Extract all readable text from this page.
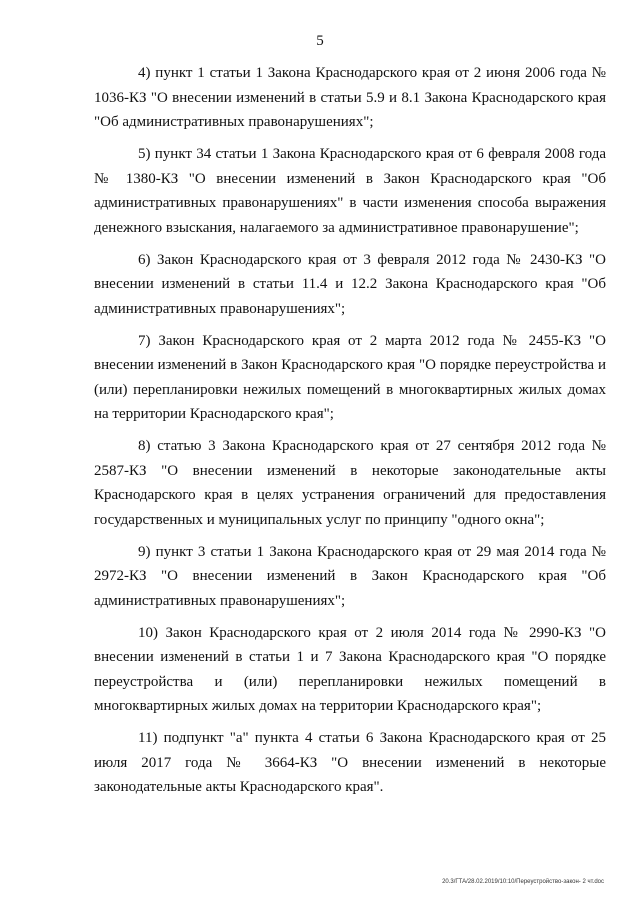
5

4) пункт 1 статьи 1 Закона Краснодарского края от 2 июня 2006 года № 1036-КЗ "О внесении изменений в статьи 5.9 и 8.1 Закона Краснодарского края "Об административных правонарушениях";

5) пункт 34 статьи 1 Закона Краснодарского края от 6 февраля 2008 года № 1380-КЗ "О внесении изменений в Закон Краснодарского края "Об административных правонарушениях" в части изменения способа выражения денежного взыскания, налагаемого за административное правонарушение";

6) Закон Краснодарского края от 3 февраля 2012 года № 2430-КЗ "О внесении изменений в статьи 11.4 и 12.2 Закона Краснодарского края "Об административных правонарушениях";

7) Закон Краснодарского края от 2 марта 2012 года № 2455-КЗ "О внесении изменений в Закон Краснодарского края "О порядке переустройства и (или) перепланировки нежилых помещений в многоквартирных жилых домах на территории Краснодарского края";

8) статью 3 Закона Краснодарского края от 27 сентября 2012 года № 2587-КЗ "О внесении изменений в некоторые законодательные акты Краснодарского края в целях устранения ограничений для предоставления государственных и муниципальных услуг по принципу "одного окна";

9) пункт 3 статьи 1 Закона Краснодарского края от 29 мая 2014 года № 2972-КЗ "О внесении изменений в Закон Краснодарского края "Об административных правонарушениях";

10) Закон Краснодарского края от 2 июля 2014 года № 2990-КЗ "О внесении изменений в статьи 1 и 7 Закона Краснодарского края "О порядке переустройства и (или) перепланировки нежилых помещений в многоквартирных жилых домах на территории Краснодарского края";

11) подпункт "а" пункта 4 статьи 6 Закона Краснодарского края от 25 июля 2017 года № 3664-КЗ "О внесении изменений в некоторые законодательные акты Краснодарского края".

20.3/ГТА/28.02.2019/10:10/Переустройство-закон- 2 чт.doc
